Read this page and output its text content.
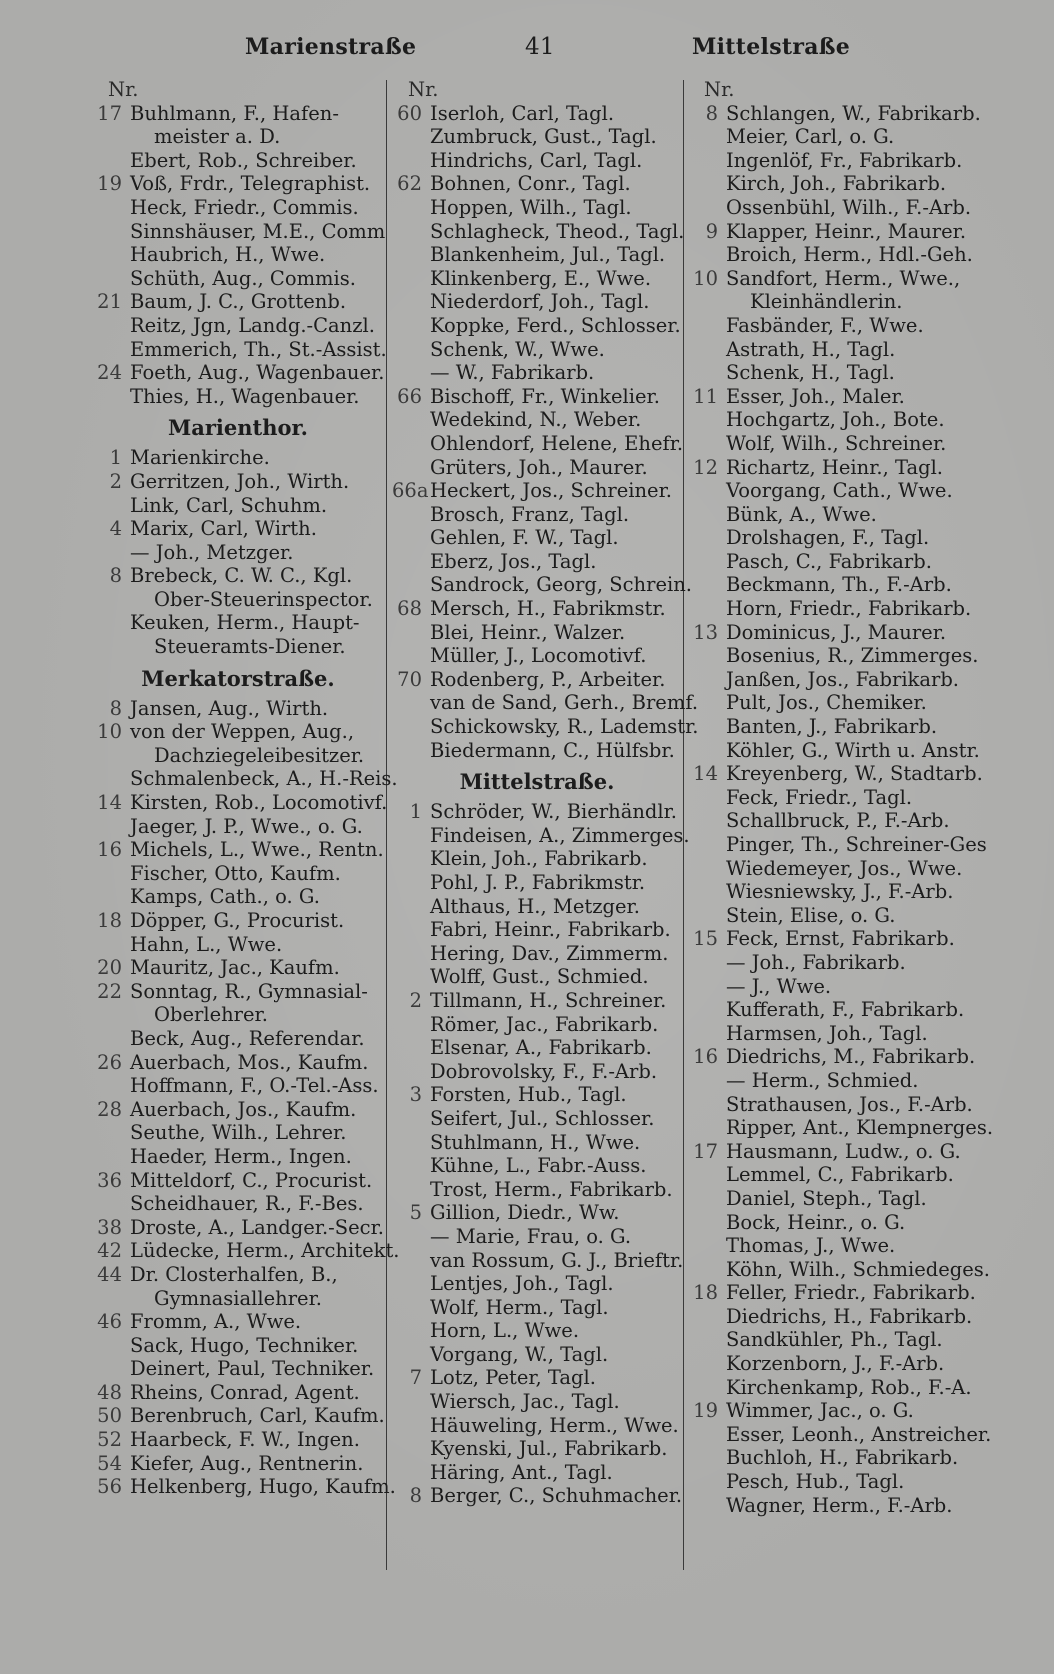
Marienstraße	41	Mittelstraße
Nr.
17 Buhlmann, F., Hafen-
meister a. D.
Ebert, Rob., Schreiber.
19 Voß, Frdr., Telegraphist.
Heck, Friedr., Commis.
Sinnshäuser, M.E., Comm
Haubrich, H., Wwe.
Schüth, Aug., Commis.
21 Baum, J. C., Grottenb.
Reitz, Jgn, Landg.-Canzl.
Emmerich, Th., St.-Assist.
24 Foeth, Aug., Wagenbauer.
Thies, H., Wagenbauer.
Marienthor.
1 Marienkirche.
2 Gerritzen, Joh., Wirth.
Link, Carl, Schuhm.
4 Marix, Carl, Wirth.
— Joh., Metzger.
8 Brebeck, C. W. C., Kgl.
Ober-Steuerinspector.
Keuken, Herm., Haupt-
Steueramts-Diener.
Merkatorstraße.
8 Jansen, Aug., Wirth.
10 von der Weppen, Aug.,
Dachziegeleibesitzer.
Schmalenbeck, A., H.-Reis.
14 Kirsten, Rob., Locomotivf.
Jaeger, J. P., Wwe., o. G.
16 Michels, L., Wwe., Rentn.
Fischer, Otto, Kaufm.
Kamps, Cath., o. G.
18 Döpper, G., Procurist.
Hahn, L., Wwe.
20 Mauritz, Jac., Kaufm.
22 Sonntag, R., Gymnasial-
Oberlehrer.
Beck, Aug., Referendar.
26 Auerbach, Mos., Kaufm.
Hoffmann, F., O.-Tel.-Ass.
28 Auerbach, Jos., Kaufm.
Seuthe, Wilh., Lehrer.
Haeder, Herm., Ingen.
36 Mitteldorf, C., Procurist.
Scheidhauer, R., F.-Bes.
38 Droste, A., Landger.-Secr.
42 Lüdecke, Herm., Architekt.
44 Dr. Closterhalfen, B.,
Gymnasiallehrer.
46 Fromm, A., Wwe.
Sack, Hugo, Techniker.
Deinert, Paul, Techniker.
48 Rheins, Conrad, Agent.
50 Berenbruch, Carl, Kaufm.
52 Haarbeck, F. W., Ingen.
54 Kiefer, Aug., Rentnerin.
56 Helkenberg, Hugo, Kaufm.
Nr.
60 Iserloh, Carl, Tagl.
Zumbruck, Gust., Tagl.
Hindrichs, Carl, Tagl.
62 Bohnen, Conr., Tagl.
Hoppen, Wilh., Tagl.
Schlagheck, Theod., Tagl.
Blankenheim, Jul., Tagl.
Klinkenberg, E., Wwe.
Niederdorf, Joh., Tagl.
Koppke, Ferd., Schlosser.
Schenk, W., Wwe.
— W., Fabrikarb.
66 Bischoff, Fr., Winkelier.
Wedekind, N., Weber.
Ohlendorf, Helene, Ehefr.
Grüters, Joh., Maurer.
66a Heckert, Jos., Schreiner.
Brosch, Franz, Tagl.
Gehlen, F. W., Tagl.
Eberz, Jos., Tagl.
Sandrock, Georg, Schrein.
68 Mersch, H., Fabrikmstr.
Blei, Heinr., Walzer.
Müller, J., Locomotivf.
70 Rodenberg, P., Arbeiter.
van de Sand, Gerh., Bremf.
Schickowsky, R., Lademstr.
Biedermann, C., Hülfsbr.
Mittelstraße.
1 Schröder, W., Bierhändlr.
Findeisen, A., Zimmerges.
Klein, Joh., Fabrikarb.
Pohl, J. P., Fabrikmstr.
Althaus, H., Metzger.
Fabri, Heinr., Fabrikarb.
Hering, Dav., Zimmerm.
Wolff, Gust., Schmied.
2 Tillmann, H., Schreiner.
Römer, Jac., Fabrikarb.
Elsenar, A., Fabrikarb.
Dobrovolsky, F., F.-Arb.
3 Forsten, Hub., Tagl.
Seifert, Jul., Schlosser.
Stuhlmann, H., Wwe.
Kühne, L., Fabr.-Auss.
Trost, Herm., Fabrikarb.
5 Gillion, Diedr., Ww.
— Marie, Frau, o. G.
van Rossum, G. J., Brieftr.
Lentjes, Joh., Tagl.
Wolf, Herm., Tagl.
Horn, L., Wwe.
Vorgang, W., Tagl.
7 Lotz, Peter, Tagl.
Wiersch, Jac., Tagl.
Häuweling, Herm., Wwe.
Kyenski, Jul., Fabrikarb.
Häring, Ant., Tagl.
8 Berger, C., Schuhmacher.
Nr.
8 Schlangen, W., Fabrikarb.
Meier, Carl, o. G.
Ingenlöf, Fr., Fabrikarb.
Kirch, Joh., Fabrikarb.
Ossenbühl, Wilh., F.-Arb.
9 Klapper, Heinr., Maurer.
Broich, Herm., Hdl.-Geh.
10 Sandfort, Herm., Wwe.,
Kleinhändlerin.
Fasbänder, F., Wwe.
Astrath, H., Tagl.
Schenk, H., Tagl.
11 Esser, Joh., Maler.
Hochgartz, Joh., Bote.
Wolf, Wilh., Schreiner.
12 Richartz, Heinr., Tagl.
Voorgang, Cath., Wwe.
Bünk, A., Wwe.
Drolshagen, F., Tagl.
Pasch, C., Fabrikarb.
Beckmann, Th., F.-Arb.
Horn, Friedr., Fabrikarb.
13 Dominicus, J., Maurer.
Bosenius, R., Zimmerges.
Janßen, Jos., Fabrikarb.
Pult, Jos., Chemiker.
Banten, J., Fabrikarb.
Köhler, G., Wirth u. Anstr.
14 Kreyenberg, W., Stadtarb.
Feck, Friedr., Tagl.
Schallbruck, P., F.-Arb.
Pinger, Th., Schreiner-Ges
Wiedemeyer, Jos., Wwe.
Wiesniewsky, J., F.-Arb.
Stein, Elise, o. G.
15 Feck, Ernst, Fabrikarb.
— Joh., Fabrikarb.
— J., Wwe.
Kufferath, F., Fabrikarb.
Harmsen, Joh., Tagl.
16 Diedrichs, M., Fabrikarb.
— Herm., Schmied.
Strathausen, Jos., F.-Arb.
Ripper, Ant., Klempnerges.
17 Hausmann, Ludw., o. G.
Lemmel, C., Fabrikarb.
Daniel, Steph., Tagl.
Bock, Heinr., o. G.
Thomas, J., Wwe.
Köhn, Wilh., Schmiedeges.
18 Feller, Friedr., Fabrikarb.
Diedrichs, H., Fabrikarb.
Sandkühler, Ph., Tagl.
Korzenborn, J., F.-Arb.
Kirchenkamp, Rob., F.-A.
19 Wimmer, Jac., o. G.
Esser, Leonh., Anstreicher.
Buchloh, H., Fabrikarb.
Pesch, Hub., Tagl.
Wagner, Herm., F.-Arb.
